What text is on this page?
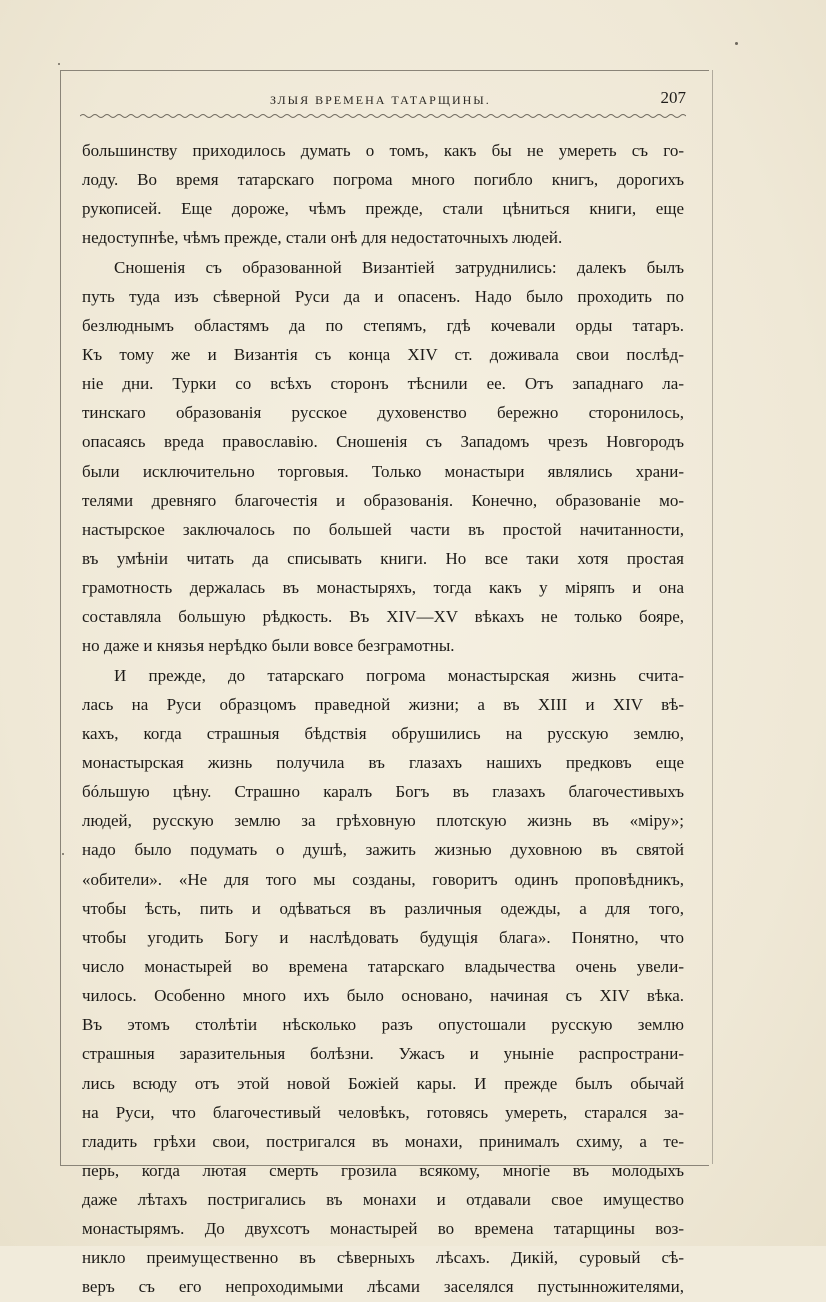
ЗЛЫЯ ВРЕМЕНА ТАТАРЩИНЫ.	207
большинству приходилось думать о томъ, какъ бы не умереть съ го-
лоду. Во время татарскаго погрома много погибло книгъ, дорогихъ
рукописей. Еще дороже, чѣмъ прежде, стали цѣниться книги, еще
недоступнѣе, чѣмъ прежде, стали онѣ для недостаточныхъ людей.
Сношенія съ образованной Византіей затруднились: далекъ былъ
путь туда изъ сѣверной Руси да и опасенъ. Надо было проходить по
безлюднымъ областямъ да по степямъ, гдѣ кочевали орды татаръ.
Къ тому же и Византія съ конца XIV ст. доживала свои послѣд-
ніе дни. Турки со всѣхъ сторонъ тѣснили ее. Отъ западнаго ла-
тинскаго образованія русское духовенство бережно сторонилось,
опасаясь вреда православію. Сношенія съ Западомъ чрезъ Новгородъ
были исключительно торговыя. Только монастыри являлись храни-
телями древняго благочестія и образованія. Конечно, образованіе мо-
настырское заключалось по большей части въ простой начитанности,
въ умѣніи читать да списывать книги. Но все таки хотя простая
грамотность держалась въ монастыряхъ, тогда какъ у міряпъ и она
составляла большую рѣдкость. Въ XIV—XV вѣкахъ не только бояре,
но даже и князья нерѣдко были вовсе безграмотны.
И прежде, до татарскаго погрома монастырская жизнь счита-
лась на Руси образцомъ праведной жизни; а въ XIII и XIV вѣ-
кахъ, когда страшныя бѣдствія обрушились на русскую землю,
монастырская жизнь получила въ глазахъ нашихъ предковъ еще
бóльшую цѣну. Страшно каралъ Богъ въ глазахъ благочестивыхъ
людей, русскую землю за грѣховную плотскую жизнь въ «міру»;
надо было подумать о душѣ, зажить жизнью духовною въ святой
«обители». «Не для того мы созданы, говоритъ одинъ проповѣдникъ,
чтобы ѣсть, пить и одѣваться въ различныя одежды, а для того,
чтобы угодить Богу и наслѣдовать будущія блага». Понятно, что
число монастырей во времена татарскаго владычества очень увели-
чилось. Особенно много ихъ было основано, начиная съ XIV вѣка.
Въ этомъ столѣтіи нѣсколько разъ опустошали русскую землю
страшныя заразительныя болѣзни. Ужасъ и уныніе распространи-
лись всюду отъ этой новой Божіей кары. И прежде былъ обычай
на Руси, что благочестивый человѣкъ, готовясь умереть, старался за-
гладить грѣхи свои, постригался въ монахи, принималъ схиму, а те-
перь, когда лютая смерть грозила всякому, многіе въ молодыхъ
даже лѣтахъ постригались въ монахи и отдавали свое имущество
монастырямъ. До двухсотъ монастырей во времена татарщины воз-
никло преимущественно въ сѣверныхъ лѣсахъ. Дикій, суровый сѣ-
веръ съ его непроходимыми лѣсами заселялся пустынножителями,
